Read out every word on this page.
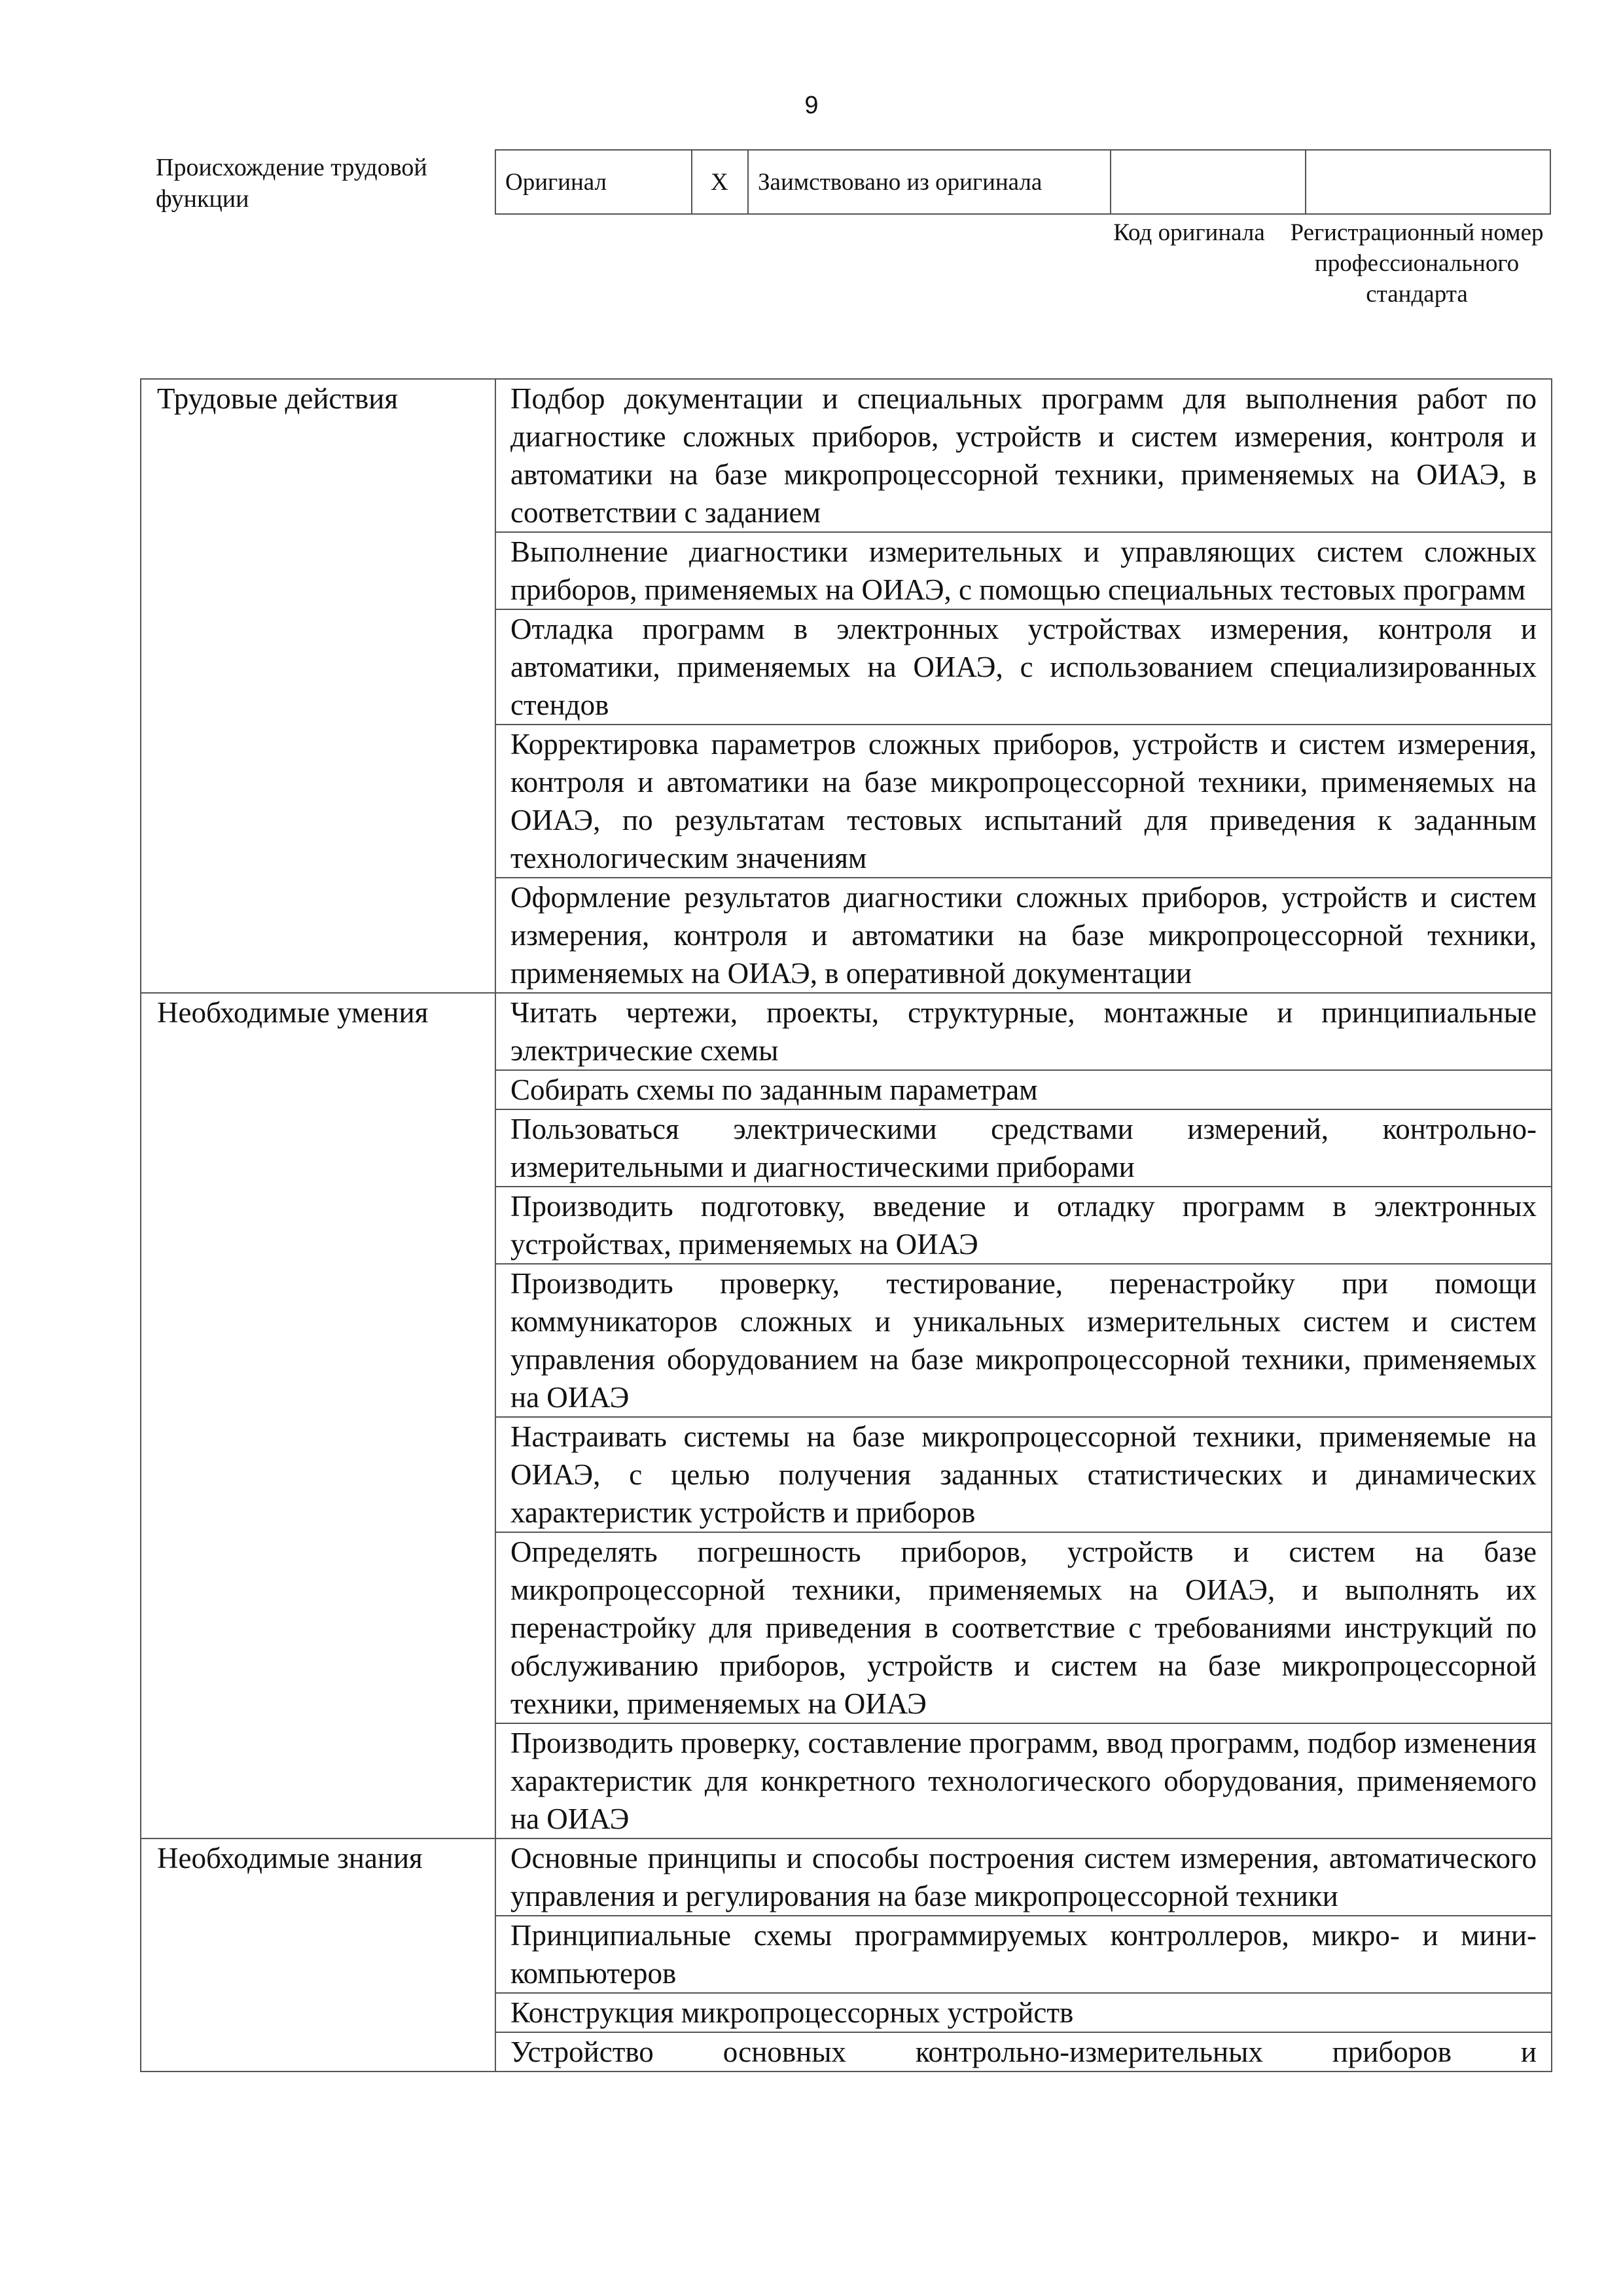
9
Происхождение трудовой функции
Оригинал	X	Заимствовано из оригинала		
Код оригинала	Регистрационный номер профессионального стандарта
Трудовые действия	Подбор документации и специальных программ для выполнения работ по диагностике сложных приборов, устройств и систем измерения, контроля и автоматики на базе микропроцессорной техники, применяемых на ОИАЭ, в соответствии с заданием
	Выполнение диагностики измерительных и управляющих систем сложных приборов, применяемых на ОИАЭ, с помощью специальных тестовых программ
	Отладка программ в электронных устройствах измерения, контроля и автоматики, применяемых на ОИАЭ, с использованием специализированных стендов
	Корректировка параметров сложных приборов, устройств и систем измерения, контроля и автоматики на базе микропроцессорной техники, применяемых на ОИАЭ, по результатам тестовых испытаний для приведения к заданным технологическим значениям
	Оформление результатов диагностики сложных приборов, устройств и систем измерения, контроля и автоматики на базе микропроцессорной техники, применяемых на ОИАЭ, в оперативной документации
Необходимые умения	Читать чертежи, проекты, структурные, монтажные и принципиальные электрические схемы
	Собирать схемы по заданным параметрам
	Пользоваться электрическими средствами измерений, контрольно-измерительными и диагностическими приборами
	Производить подготовку, введение и отладку программ в электронных устройствах, применяемых на ОИАЭ
	Производить проверку, тестирование, перенастройку при помощи коммуникаторов сложных и уникальных измерительных систем и систем управления оборудованием на базе микропроцессорной техники, применяемых на ОИАЭ
	Настраивать системы на базе микропроцессорной техники, применяемые на ОИАЭ, с целью получения заданных статистических и динамических характеристик устройств и приборов
	Определять погрешность приборов, устройств и систем на базе микропроцессорной техники, применяемых на ОИАЭ, и выполнять их перенастройку для приведения в соответствие с требованиями инструкций по обслуживанию приборов, устройств и систем на базе микропроцессорной техники, применяемых на ОИАЭ
	Производить проверку, составление программ, ввод программ, подбор изменения характеристик для конкретного технологического оборудования, применяемого на ОИАЭ
Необходимые знания	Основные принципы и способы построения систем измерения, автоматического управления и регулирования на базе микропроцессорной техники
	Принципиальные схемы программируемых контроллеров, микро- и мини-компьютеров
	Конструкция микропроцессорных устройств
	Устройство основных контрольно-измерительных приборов и
